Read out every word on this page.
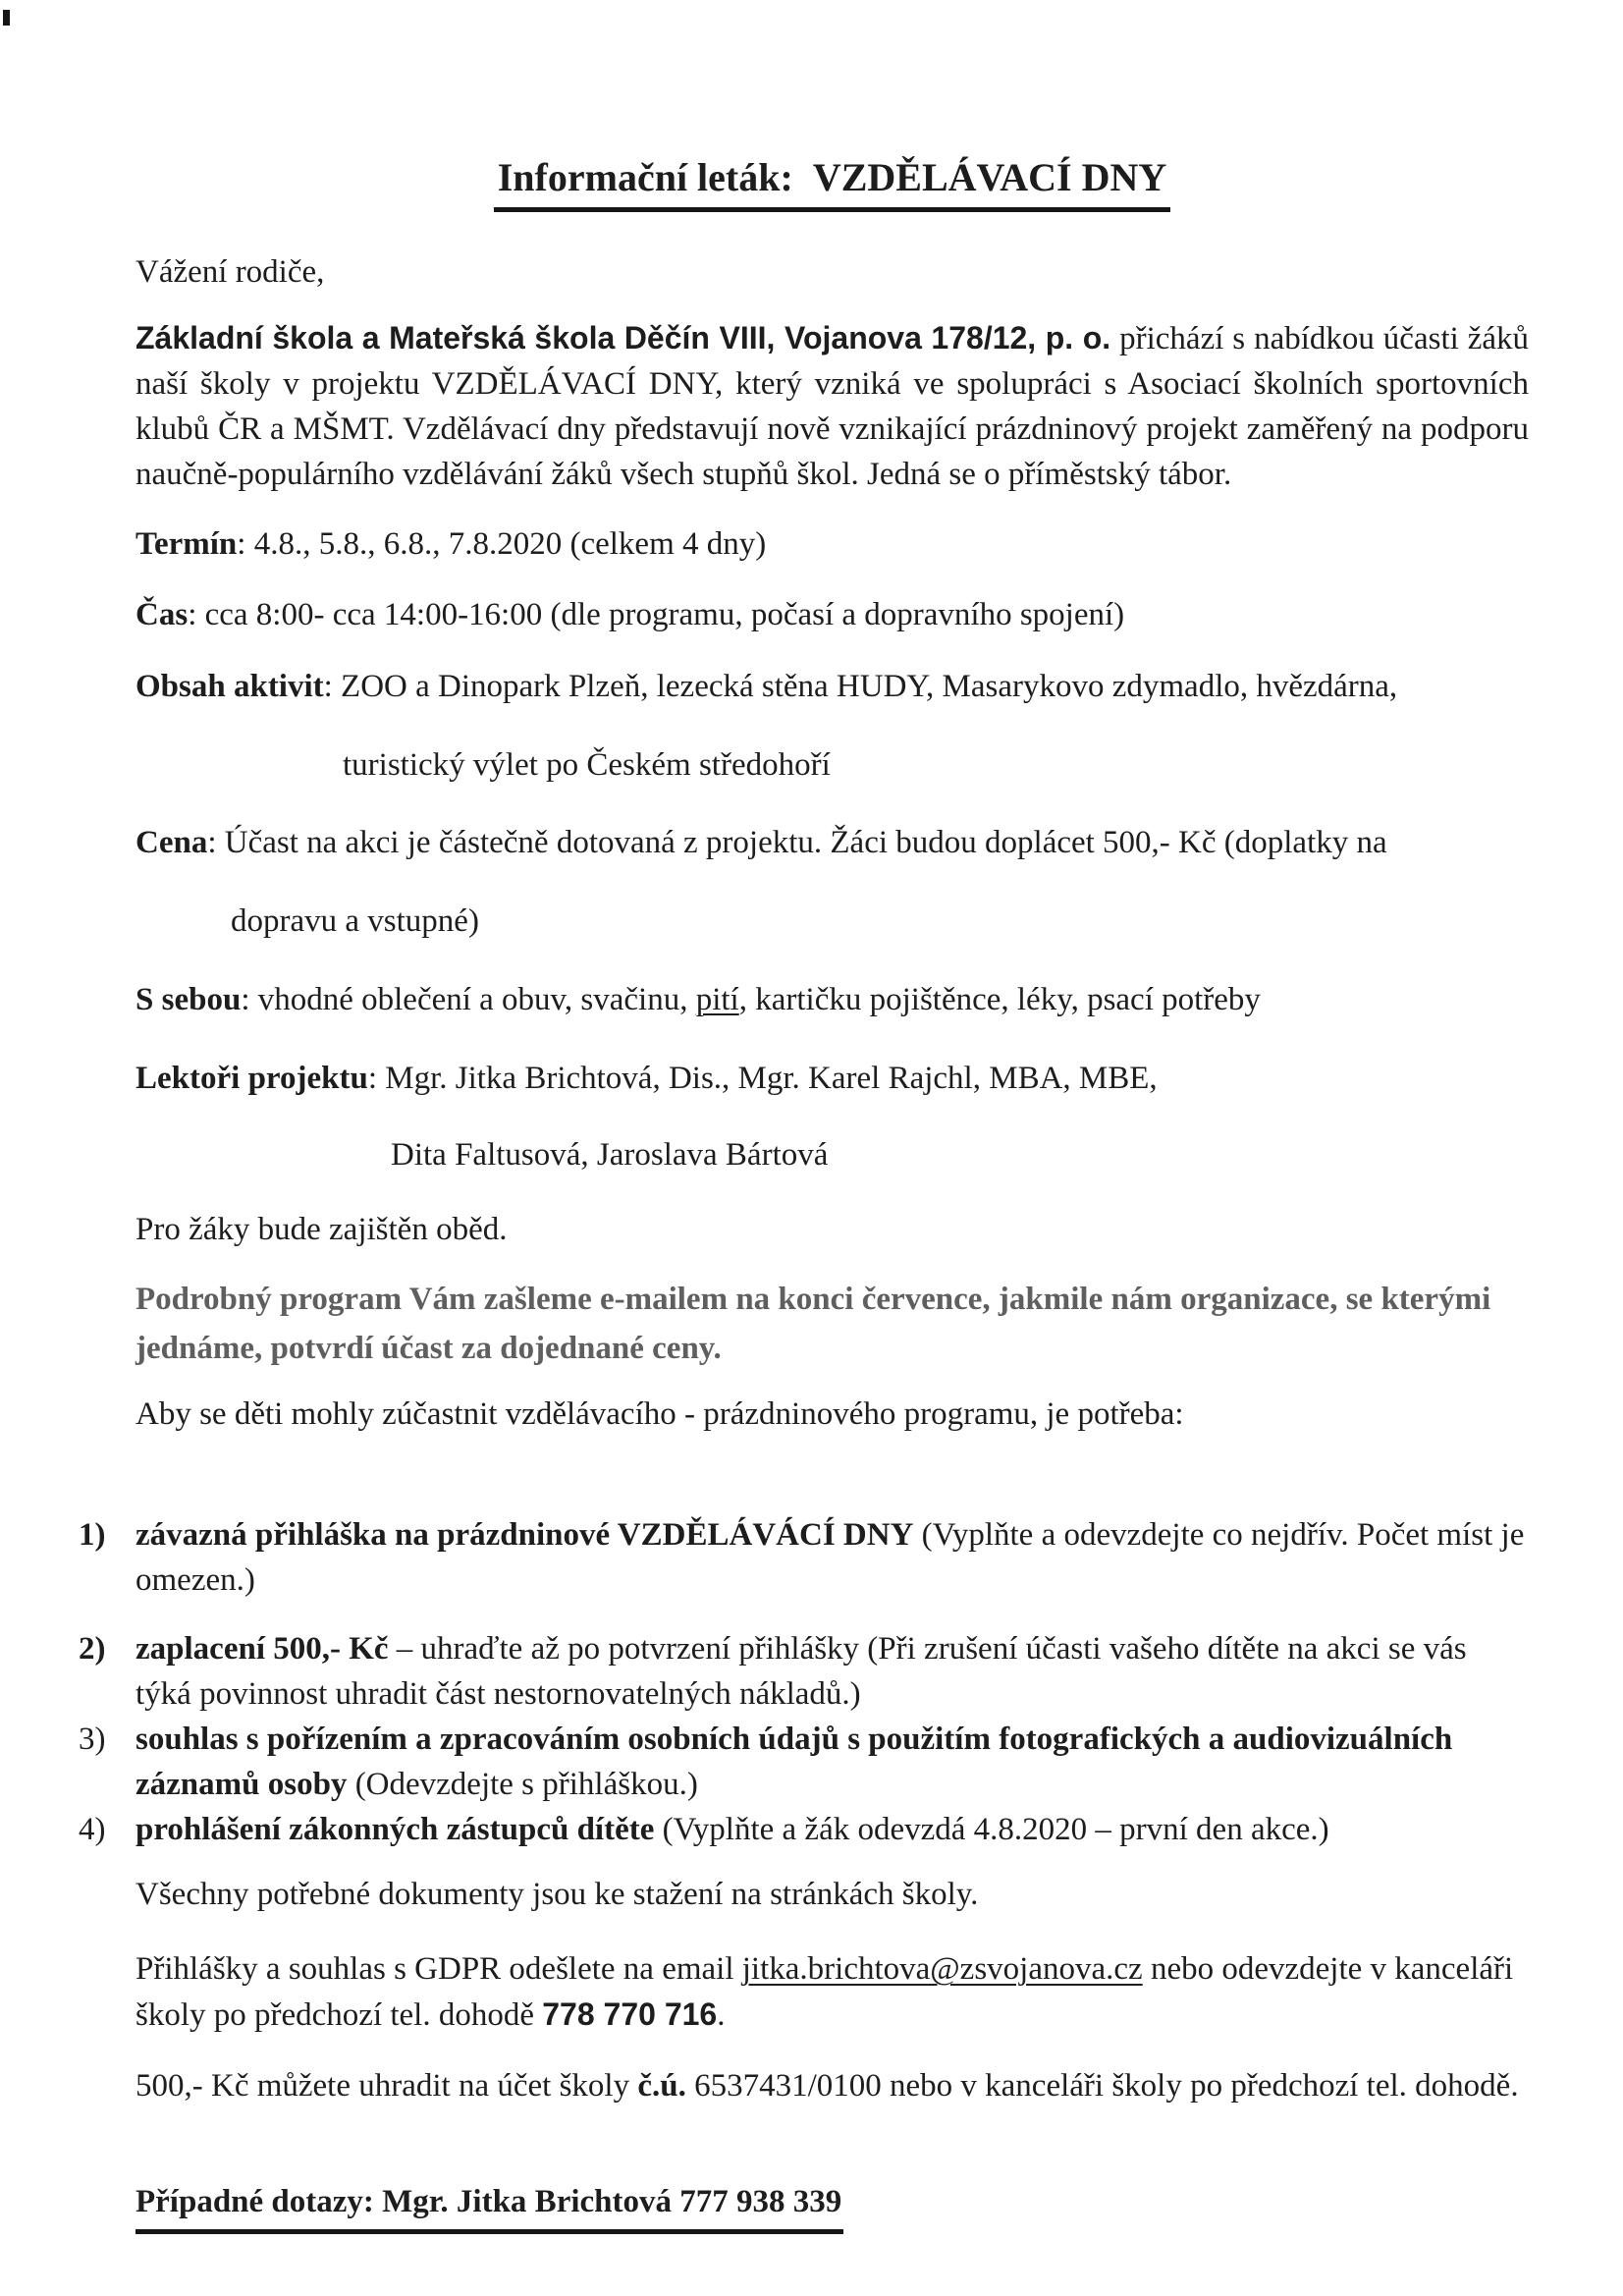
Informační leták: VZDĚLÁVACÍ DNY
Vážení rodiče,
Základní škola a Mateřská škola Děčín VIII, Vojanova 178/12, p. o. přichází s nabídkou účasti žáků naší školy v projektu VZDĚLÁVACÍ DNY, který vzniká ve spolupráci s Asociací školních sportovních klubů ČR a MŠMT. Vzdělávací dny představují nově vznikající prázdninový projekt zaměřený na podporu naučně-populárního vzdělávání žáků všech stupňů škol. Jedná se o příměstský tábor.
Termín: 4.8., 5.8., 6.8., 7.8.2020 (celkem 4 dny)
Čas: cca 8:00- cca 14:00-16:00 (dle programu, počasí a dopravního spojení)
Obsah aktivit: ZOO a Dinopark Plzeň, lezecká stěna HUDY, Masarykovo zdymadlo, hvězdárna,
turistický výlet po Českém středohoří
Cena: Účast na akci je částečně dotovaná z projektu. Žáci budou doplácet 500,- Kč (doplatky na
dopravu a vstupné)
S sebou: vhodné oblečení a obuv, svačinu, pití, kartičku pojištěnce, léky, psací potřeby
Lektoři projektu: Mgr. Jitka Brichtová, Dis., Mgr. Karel Rajchl, MBA, MBE,
Dita Faltusová, Jaroslava Bártová
Pro žáky bude zajištěn oběd.
Podrobný program Vám zašleme e-mailem na konci července, jakmile nám organizace, se kterými jednáme, potvrdí účast za dojednané ceny.
Aby se děti mohly zúčastnit vzdělávacího - prázdninového programu, je potřeba:
1) závazná přihláška na prázdninové VZDĚLÁVÁCÍ DNY (Vyplňte a odevzdejte co nejdřív. Počet míst je omezen.)
2) zaplacení 500,- Kč – uhraďte až po potvrzení přihlášky (Při zrušení účasti vašeho dítěte na akci se vás týká povinnost uhradit část nestornovatelných nákladů.)
3) souhlas s pořízením a zpracováním osobních údajů s použitím fotografických a audiovizuálních záznamů osoby (Odevzdejte s přihláškou.)
4) prohlášení zákonných zástupců dítěte (Vyplňte a žák odevzdá 4.8.2020 – první den akce.)
Všechny potřebné dokumenty jsou ke stažení na stránkách školy.
Přihlášky a souhlas s GDPR odešlete na email jitka.brichtova@zsvojanova.cz nebo odevzdejte v kanceláři školy po předchozí tel. dohodě 778 770 716.
500,- Kč můžete uhradit na účet školy č.ú. 6537431/0100 nebo v kanceláři školy po předchozí tel. dohodě.
Případné dotazy: Mgr. Jitka Brichtová 777 938 339
